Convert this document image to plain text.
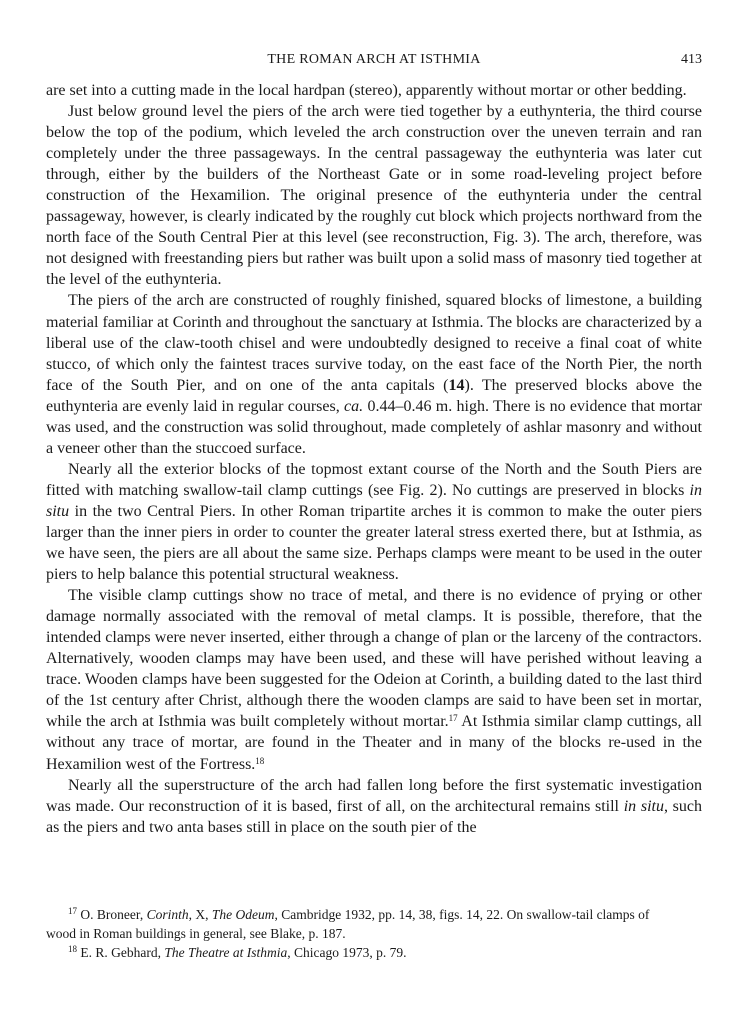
THE ROMAN ARCH AT ISTHMIA	413

are set into a cutting made in the local hardpan (stereo), apparently without mortar or other bedding.

Just below ground level the piers of the arch were tied together by a euthynteria, the third course below the top of the podium, which leveled the arch construction over the uneven terrain and ran completely under the three passageways. In the central passageway the euthynteria was later cut through, either by the builders of the Northeast Gate or in some road-leveling project before construction of the Hexamilion. The original presence of the euthynteria under the central passageway, however, is clearly indicated by the roughly cut block which projects northward from the north face of the South Central Pier at this level (see reconstruction, Fig. 3). The arch, therefore, was not designed with freestanding piers but rather was built upon a solid mass of masonry tied together at the level of the euthynteria.

The piers of the arch are constructed of roughly finished, squared blocks of limestone, a building material familiar at Corinth and throughout the sanctuary at Isthmia. The blocks are characterized by a liberal use of the claw-tooth chisel and were undoubtedly designed to receive a final coat of white stucco, of which only the faintest traces survive today, on the east face of the North Pier, the north face of the South Pier, and on one of the anta capitals (14). The preserved blocks above the euthynteria are evenly laid in regular courses, ca. 0.44–0.46 m. high. There is no evidence that mortar was used, and the construction was solid throughout, made completely of ashlar masonry and without a veneer other than the stuccoed surface.

Nearly all the exterior blocks of the topmost extant course of the North and the South Piers are fitted with matching swallow-tail clamp cuttings (see Fig. 2). No cuttings are preserved in blocks in situ in the two Central Piers. In other Roman tripartite arches it is common to make the outer piers larger than the inner piers in order to counter the greater lateral stress exerted there, but at Isthmia, as we have seen, the piers are all about the same size. Perhaps clamps were meant to be used in the outer piers to help balance this potential structural weakness.

The visible clamp cuttings show no trace of metal, and there is no evidence of prying or other damage normally associated with the removal of metal clamps. It is possible, therefore, that the intended clamps were never inserted, either through a change of plan or the larceny of the contractors. Alternatively, wooden clamps may have been used, and these will have perished without leaving a trace. Wooden clamps have been suggested for the Odeion at Corinth, a building dated to the last third of the 1st century after Christ, although there the wooden clamps are said to have been set in mortar, while the arch at Isthmia was built completely without mortar.$^{17}$ At Isthmia similar clamp cuttings, all without any trace of mortar, are found in the Theater and in many of the blocks re-used in the Hexamilion west of the Fortress.$^{18}$

Nearly all the superstructure of the arch had fallen long before the first systematic investigation was made. Our reconstruction of it is based, first of all, on the architectural remains still in situ, such as the piers and two anta bases still in place on the south pier of the

$^{17}$ O. Broneer, Corinth, X, The Odeum, Cambridge 1932, pp. 14, 38, figs. 14, 22. On swallow-tail clamps of

wood in Roman buildings in general, see Blake, p. 187.

$^{18}$ E. R. Gebhard, The Theatre at Isthmia, Chicago 1973, p. 79.
